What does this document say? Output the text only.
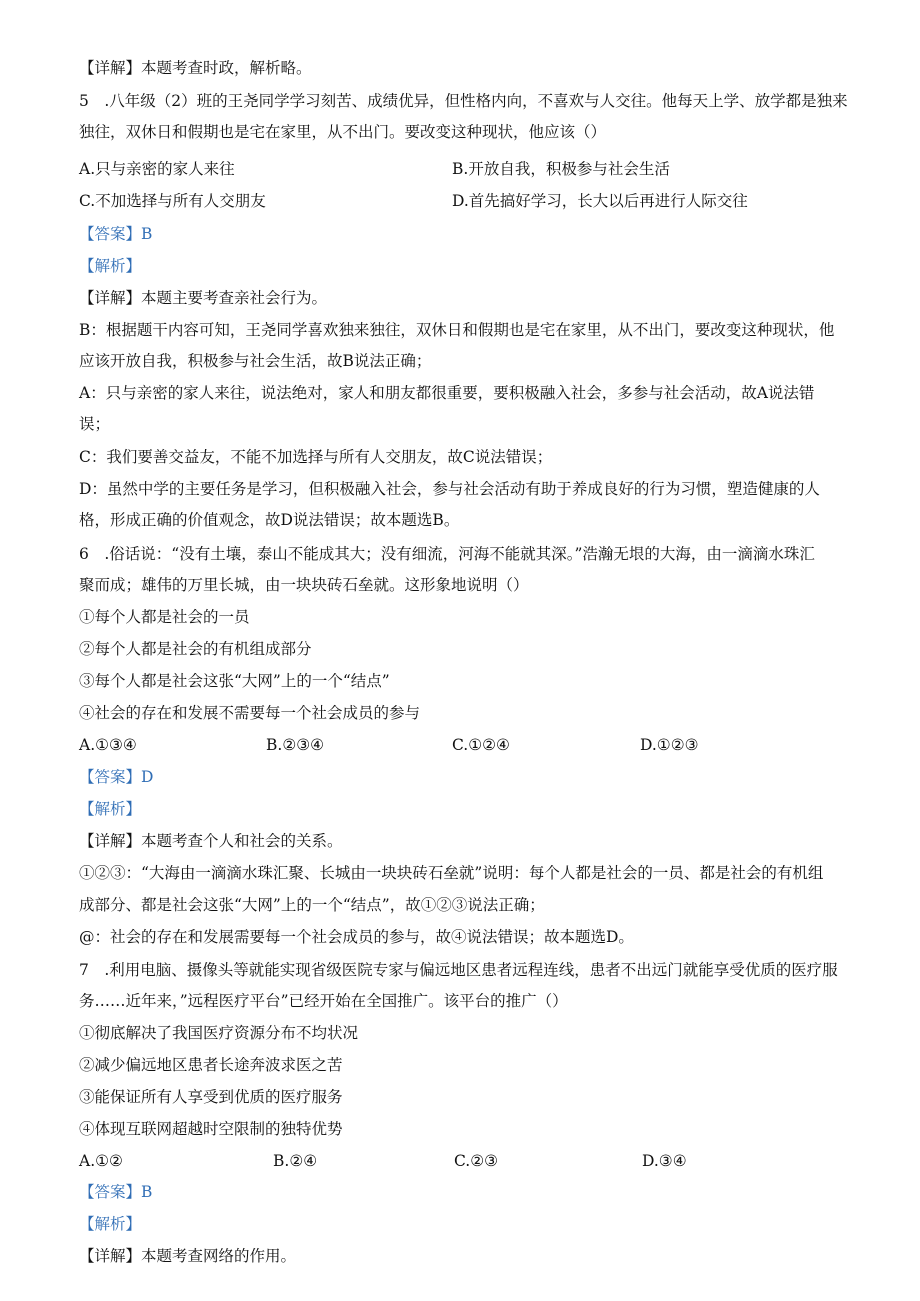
【详解】本题考查时政，解析略。
5　.八年级（2）班的王尧同学学习刻苦、成绩优异，但性格内向，不喜欢与人交往。他每天上学、放学都是独来
独往，双休日和假期也是宅在家里，从不出门。要改变这种现状，他应该（）
A.只与亲密的家人来往	B.开放自我，积极参与社会生活
C.不加选择与所有人交朋友	D.首先搞好学习，长大以后再进行人际交往
【答案】B
【解析】
【详解】本题主要考查亲社会行为。
B：根据题干内容可知，王尧同学喜欢独来独往，双休日和假期也是宅在家里，从不出门，要改变这种现状，他
应该开放自我，积极参与社会生活，故B说法正确；
A：只与亲密的家人来往，说法绝对，家人和朋友都很重要，要积极融入社会，多参与社会活动，故A说法错
误；
C：我们要善交益友，不能不加选择与所有人交朋友，故C说法错误；
D：虽然中学的主要任务是学习，但积极融入社会，参与社会活动有助于养成良好的行为习惯，塑造健康的人
格，形成正确的价值观念，故D说法错误；故本题选B。
6　.俗话说：“没有土壤，泰山不能成其大；没有细流，河海不能就其深。”浩瀚无垠的大海，由一滴滴水珠汇
聚而成；雄伟的万里长城，由一块块砖石垒就。这形象地说明（）
①每个人都是社会的一员
②每个人都是社会的有机组成部分
③每个人都是社会这张“大网”上的一个“结点”
④社会的存在和发展不需要每一个社会成员的参与
A.①③④	B.②③④	C.①②④	D.①②③
【答案】D
【解析】
【详解】本题考查个人和社会的关系。
①②③：“大海由一滴滴水珠汇聚、长城由一块块砖石垒就”说明：每个人都是社会的一员、都是社会的有机组
成部分、都是社会这张“大网”上的一个“结点”，故①②③说法正确；
@：社会的存在和发展需要每一个社会成员的参与，故④说法错误；故本题选D。
7　.利用电脑、摄像头等就能实现省级医院专家与偏远地区患者远程连线，患者不出远门就能享受优质的医疗服
务……近年来，”远程医疗平台”已经开始在全国推广。该平台的推广（）
①彻底解决了我国医疗资源分布不均状况
②减少偏远地区患者长途奔波求医之苦
③能保证所有人享受到优质的医疗服务
④体现互联网超越时空限制的独特优势
A.①②	B.②④	C.②③	D.③④
【答案】B
【解析】
【详解】本题考查网络的作用。
